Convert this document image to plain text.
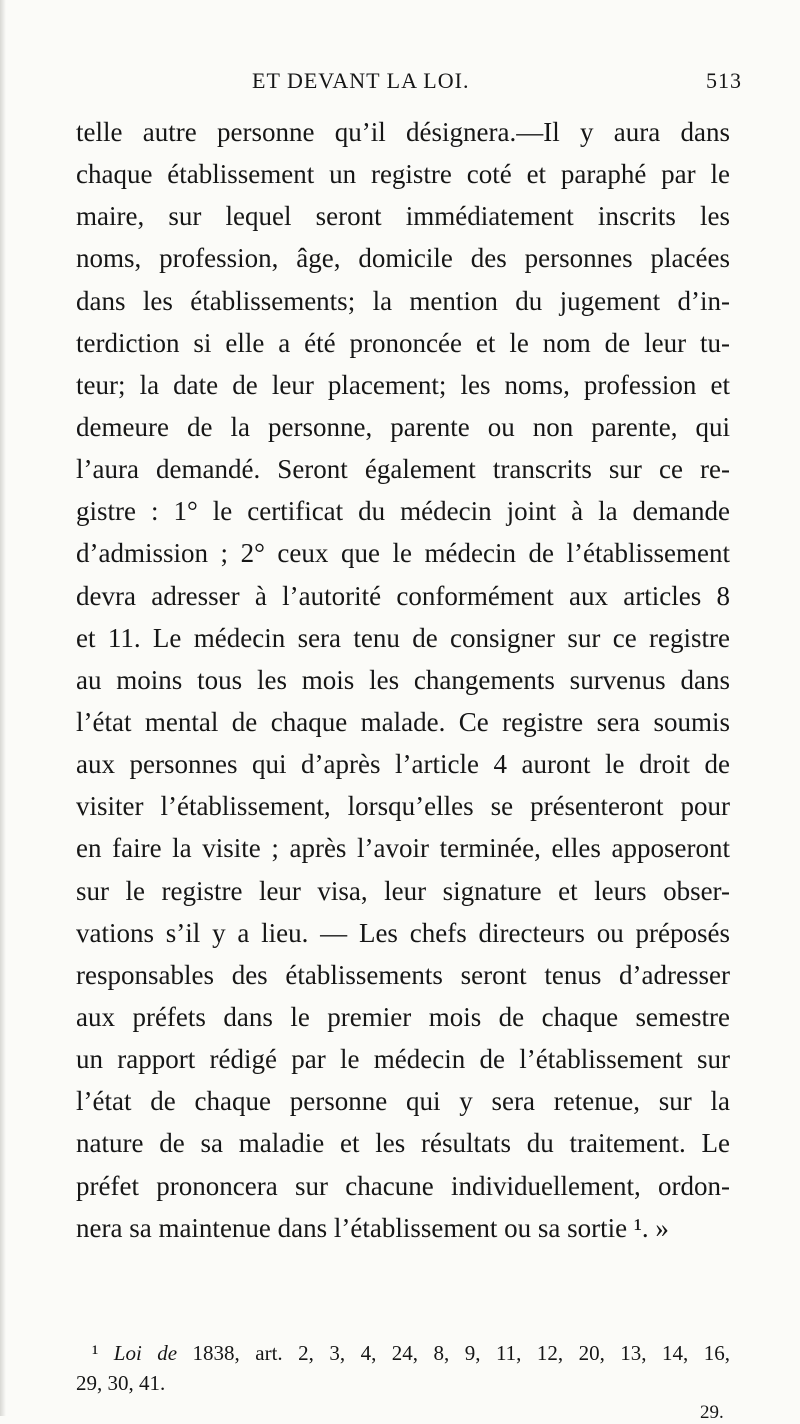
ET DEVANT LA LOI.	513
telle autre personne qu’il désignera.—Il y aura dans
chaque établissement un registre coté et paraphé par le
maire, sur lequel seront immédiatement inscrits les
noms, profession, âge, domicile des personnes placées
dans les établissements; la mention du jugement d’in-
terdiction si elle a été prononcée et le nom de leur tu-
teur; la date de leur placement; les noms, profession et
demeure de la personne, parente ou non parente, qui
l’aura demandé. Seront également transcrits sur ce re-
gistre : 1° le certificat du médecin joint à la demande
d’admission ; 2° ceux que le médecin de l’établissement
devra adresser à l’autorité conformément aux articles 8
et 11. Le médecin sera tenu de consigner sur ce registre
au moins tous les mois les changements survenus dans
l’état mental de chaque malade. Ce registre sera soumis
aux personnes qui d’après l’article 4 auront le droit de
visiter l’établissement, lorsqu’elles se présenteront pour
en faire la visite ; après l’avoir terminée, elles apposeront
sur le registre leur visa, leur signature et leurs obser-
vations s’il y a lieu. — Les chefs directeurs ou préposés
responsables des établissements seront tenus d’adresser
aux préfets dans le premier mois de chaque semestre
un rapport rédigé par le médecin de l’établissement sur
l’état de chaque personne qui y sera retenue, sur la
nature de sa maladie et les résultats du traitement. Le
préfet prononcera sur chacune individuellement, ordon-
nera sa maintenue dans l’établissement ou sa sortie ¹. »
¹ Loi de 1838, art. 2, 3, 4, 24, 8, 9, 11, 12, 20, 13, 14, 16,
29, 30, 41.
29.
